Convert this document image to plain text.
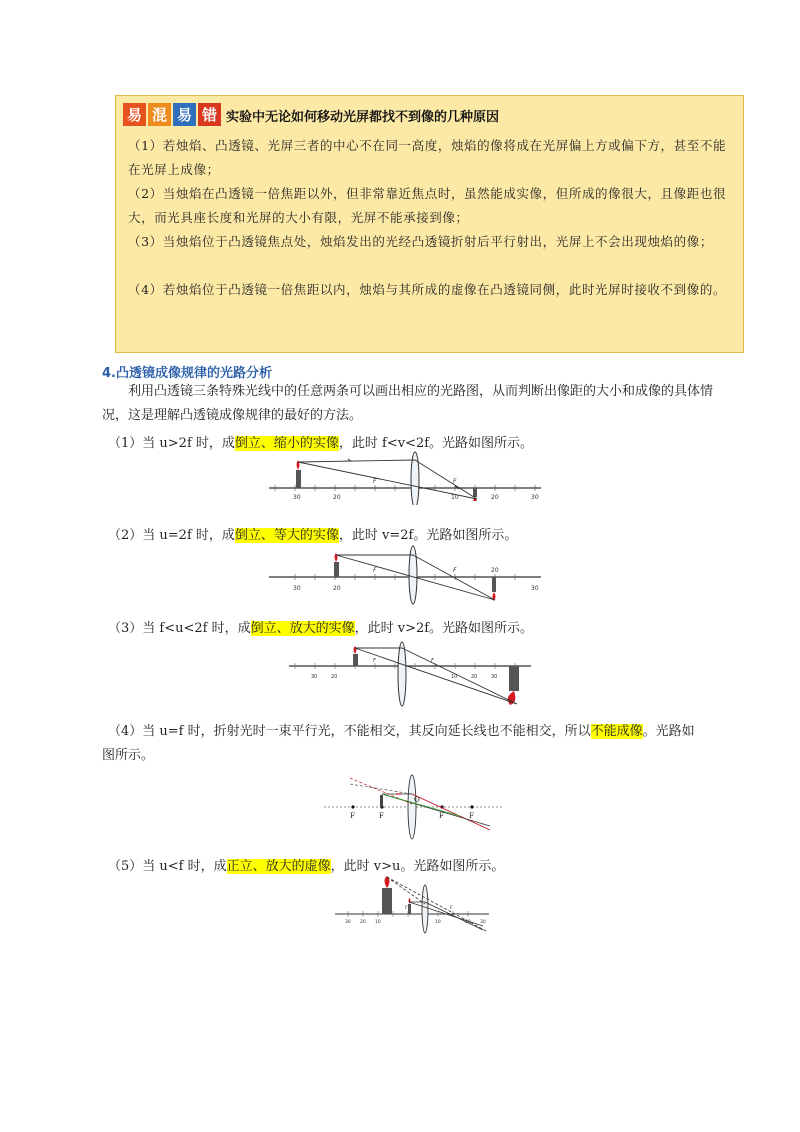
易 混 易 错 实验中无论如何移动光屏都找不到像的几种原因
（1）若烛焰、凸透镜、光屏三者的中心不在同一高度，烛焰的像将成在光屏偏上方或偏下方，甚至不能在光屏上成像；
（2）当烛焰在凸透镜一倍焦距以外，但非常靠近焦点时，虽然能成实像，但所成的像很大，且像距也很大，而光具座长度和光屏的大小有限，光屏不能承接到像；
（3）当烛焰位于凸透镜焦点处，烛焰发出的光经凸透镜折射后平行射出，光屏上不会出现烛焰的像；
（4）若烛焰位于凸透镜一倍焦距以内，烛焰与其所成的虚像在凸透镜同侧，此时光屏时接收不到像的。
4.凸透镜成像规律的光路分析
利用凸透镜三条特殊光线中的任意两条可以画出相应的光路图，从而判断出像距的大小和成像的具体情况，这是理解凸透镜成像规律的最好的方法。
（1）当 u>2f 时，成倒立、缩小的实像，此时 f<v<2f。光路如图所示。
30	20
F	F
10	20	30
（2）当 u=2f 时，成倒立、等大的实像，此时 v=2f。光路如图所示。
30	20
F	F	20
30
（3）当 f<u<2f 时，成倒立、放大的实像，此时 v>2f。光路如图所示。
30	20
F	F
10	20	30
（4）当 u=f 时，折射光时一束平行光，不能相交，其反向延长线也不能相交，所以不能成像。光路如
图所示。
F	F
O
F	F
（5）当 u<f 时，成正立、放大的虚像，此时 v>u。光路如图所示。
30 20 10
F
10
F
20 30
